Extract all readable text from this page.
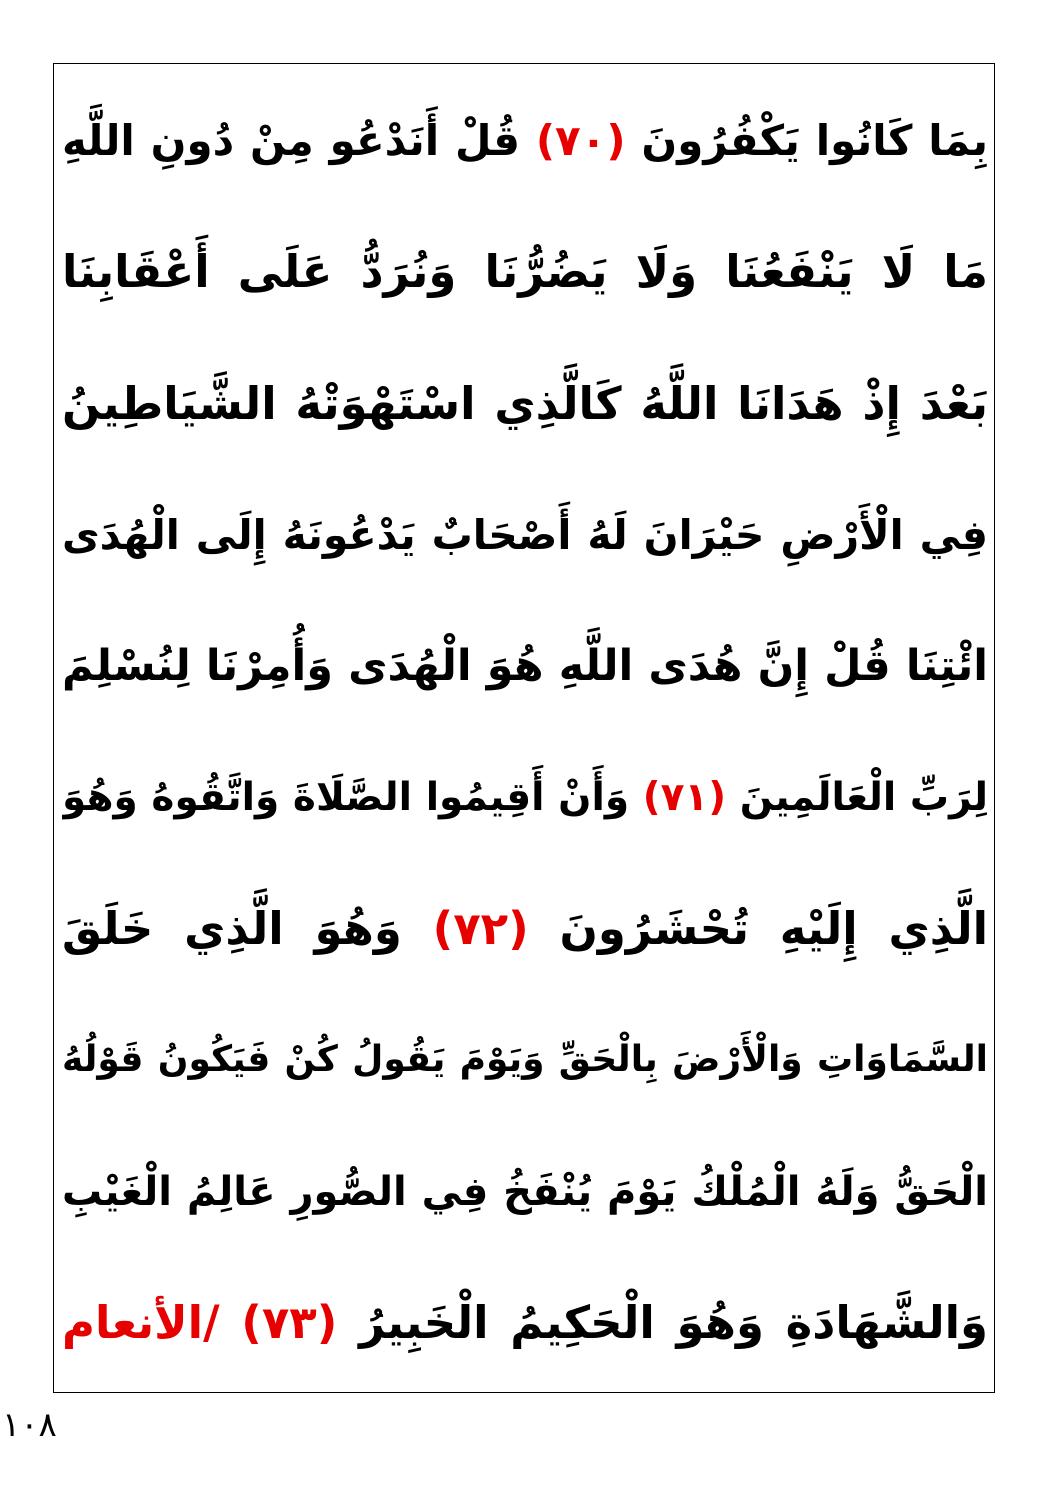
بِمَا كَانُوا يَكْفُرُونَ (٧٠) قُلْ أَنَدْعُو مِنْ دُونِ اللَّهِ
مَا لَا يَنْفَعُنَا وَلَا يَضُرُّنَا وَنُرَدُّ عَلَى أَعْقَابِنَا
بَعْدَ إِذْ هَدَانَا اللَّهُ كَالَّذِي اسْتَهْوَتْهُ الشَّيَاطِينُ
فِي الْأَرْضِ حَيْرَانَ لَهُ أَصْحَابٌ يَدْعُونَهُ إِلَى الْهُدَى
ائْتِنَا قُلْ إِنَّ هُدَى اللَّهِ هُوَ الْهُدَى وَأُمِرْنَا لِنُسْلِمَ
لِرَبِّ الْعَالَمِينَ (٧١) وَأَنْ أَقِيمُوا الصَّلَاةَ وَاتَّقُوهُ وَهُوَ
الَّذِي إِلَيْهِ تُحْشَرُونَ (٧٢) وَهُوَ الَّذِي خَلَقَ
السَّمَاوَاتِ وَالْأَرْضَ بِالْحَقِّ وَيَوْمَ يَقُولُ كُنْ فَيَكُونُ قَوْلُهُ
الْحَقُّ وَلَهُ الْمُلْكُ يَوْمَ يُنْفَخُ فِي الصُّورِ عَالِمُ الْغَيْبِ
وَالشَّهَادَةِ وَهُوَ الْحَكِيمُ الْخَبِيرُ (٧٣) /الأنعام
١٠٨
